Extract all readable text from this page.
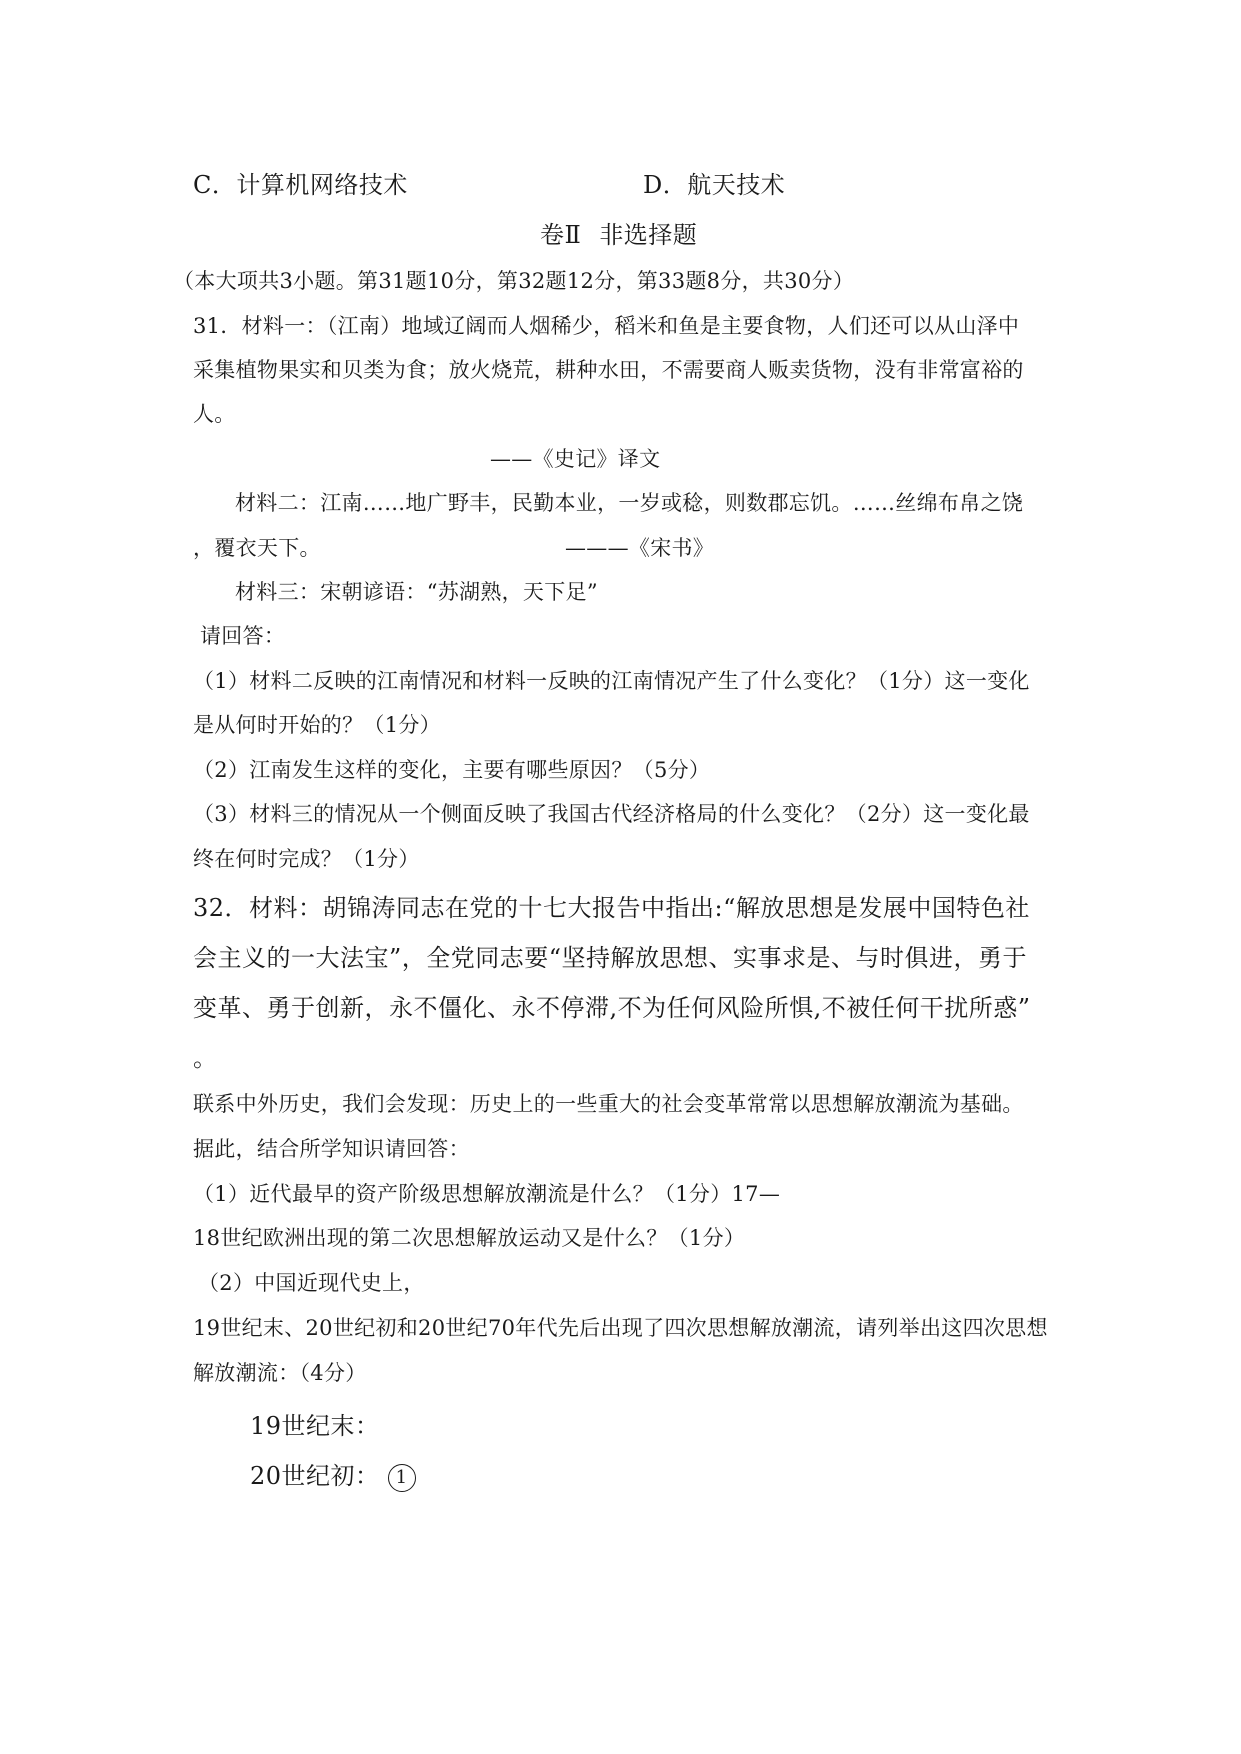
C．计算机网络技术	D．航天技术
卷Ⅱ 非选择题
（本大项共3小题。第31题10分，第32题12分，第33题8分，共30分）
31．材料一：（江南）地域辽阔而人烟稀少，稻米和鱼是主要食物，人们还可以从山泽中
采集植物果实和贝类为食；放火烧荒，耕种水田，不需要商人贩卖货物，没有非常富裕的
人。
——《史记》译文
材料二：江南……地广野丰，民勤本业，一岁或稔，则数郡忘饥。……丝绵布帛之饶
，覆衣天下。	———《宋书》
材料三：宋朝谚语：“苏湖熟，天下足”
请回答：
（1）材料二反映的江南情况和材料一反映的江南情况产生了什么变化？（1分）这一变化
是从何时开始的？（1分）
（2）江南发生这样的变化，主要有哪些原因？（5分）
（3）材料三的情况从一个侧面反映了我国古代经济格局的什么变化？（2分）这一变化最
终在何时完成？（1分）
32．材料：胡锦涛同志在党的十七大报告中指出:“解放思想是发展中国特色社
会主义的一大法宝”，全党同志要“坚持解放思想、实事求是、与时俱进，勇于
变革、勇于创新，永不僵化、永不停滞,不为任何风险所惧,不被任何干扰所惑”
。
联系中外历史，我们会发现：历史上的一些重大的社会变革常常以思想解放潮流为基础。
据此，结合所学知识请回答：
（1）近代最早的资产阶级思想解放潮流是什么？（1分）17—
18世纪欧洲出现的第二次思想解放运动又是什么？（1分）
（2）中国近现代史上，
19世纪末、20世纪初和20世纪70年代先后出现了四次思想解放潮流，请列举出这四次思想
解放潮流：（4分）
19世纪末：
20世纪初： 1
